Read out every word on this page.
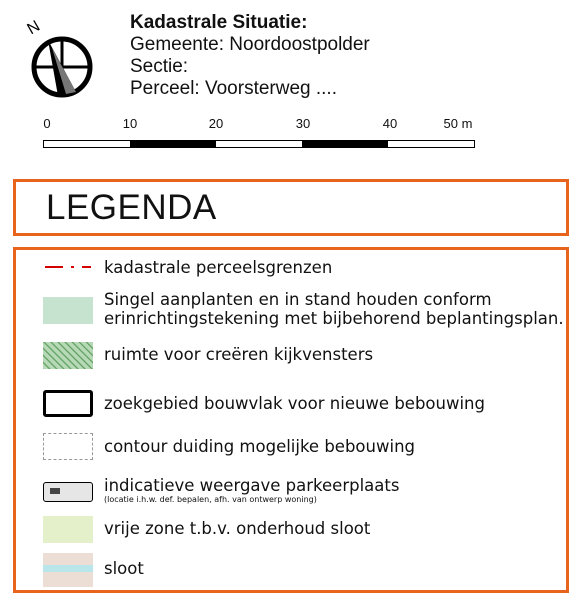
N	Kadastrale Situatie:
Gemeente: Noordoostpolder
Sectie:
Perceel: Voorsterweg ....
0	10	20	30	40	50 m
LEGENDA
kadastrale perceelsgrenzen
Singel aanplanten en in stand houden conform erinrichtingstekening met bijbehorend beplantingsplan.
ruimte voor creëren kijkvensters
zoekgebied bouwvlak voor nieuwe bebouwing
contour duiding mogelijke bebouwing
indicatieve weergave parkeerplaats
(locatie i.h.w. def. bepalen, afh. van ontwerp woning)
vrije zone t.b.v. onderhoud sloot
sloot
